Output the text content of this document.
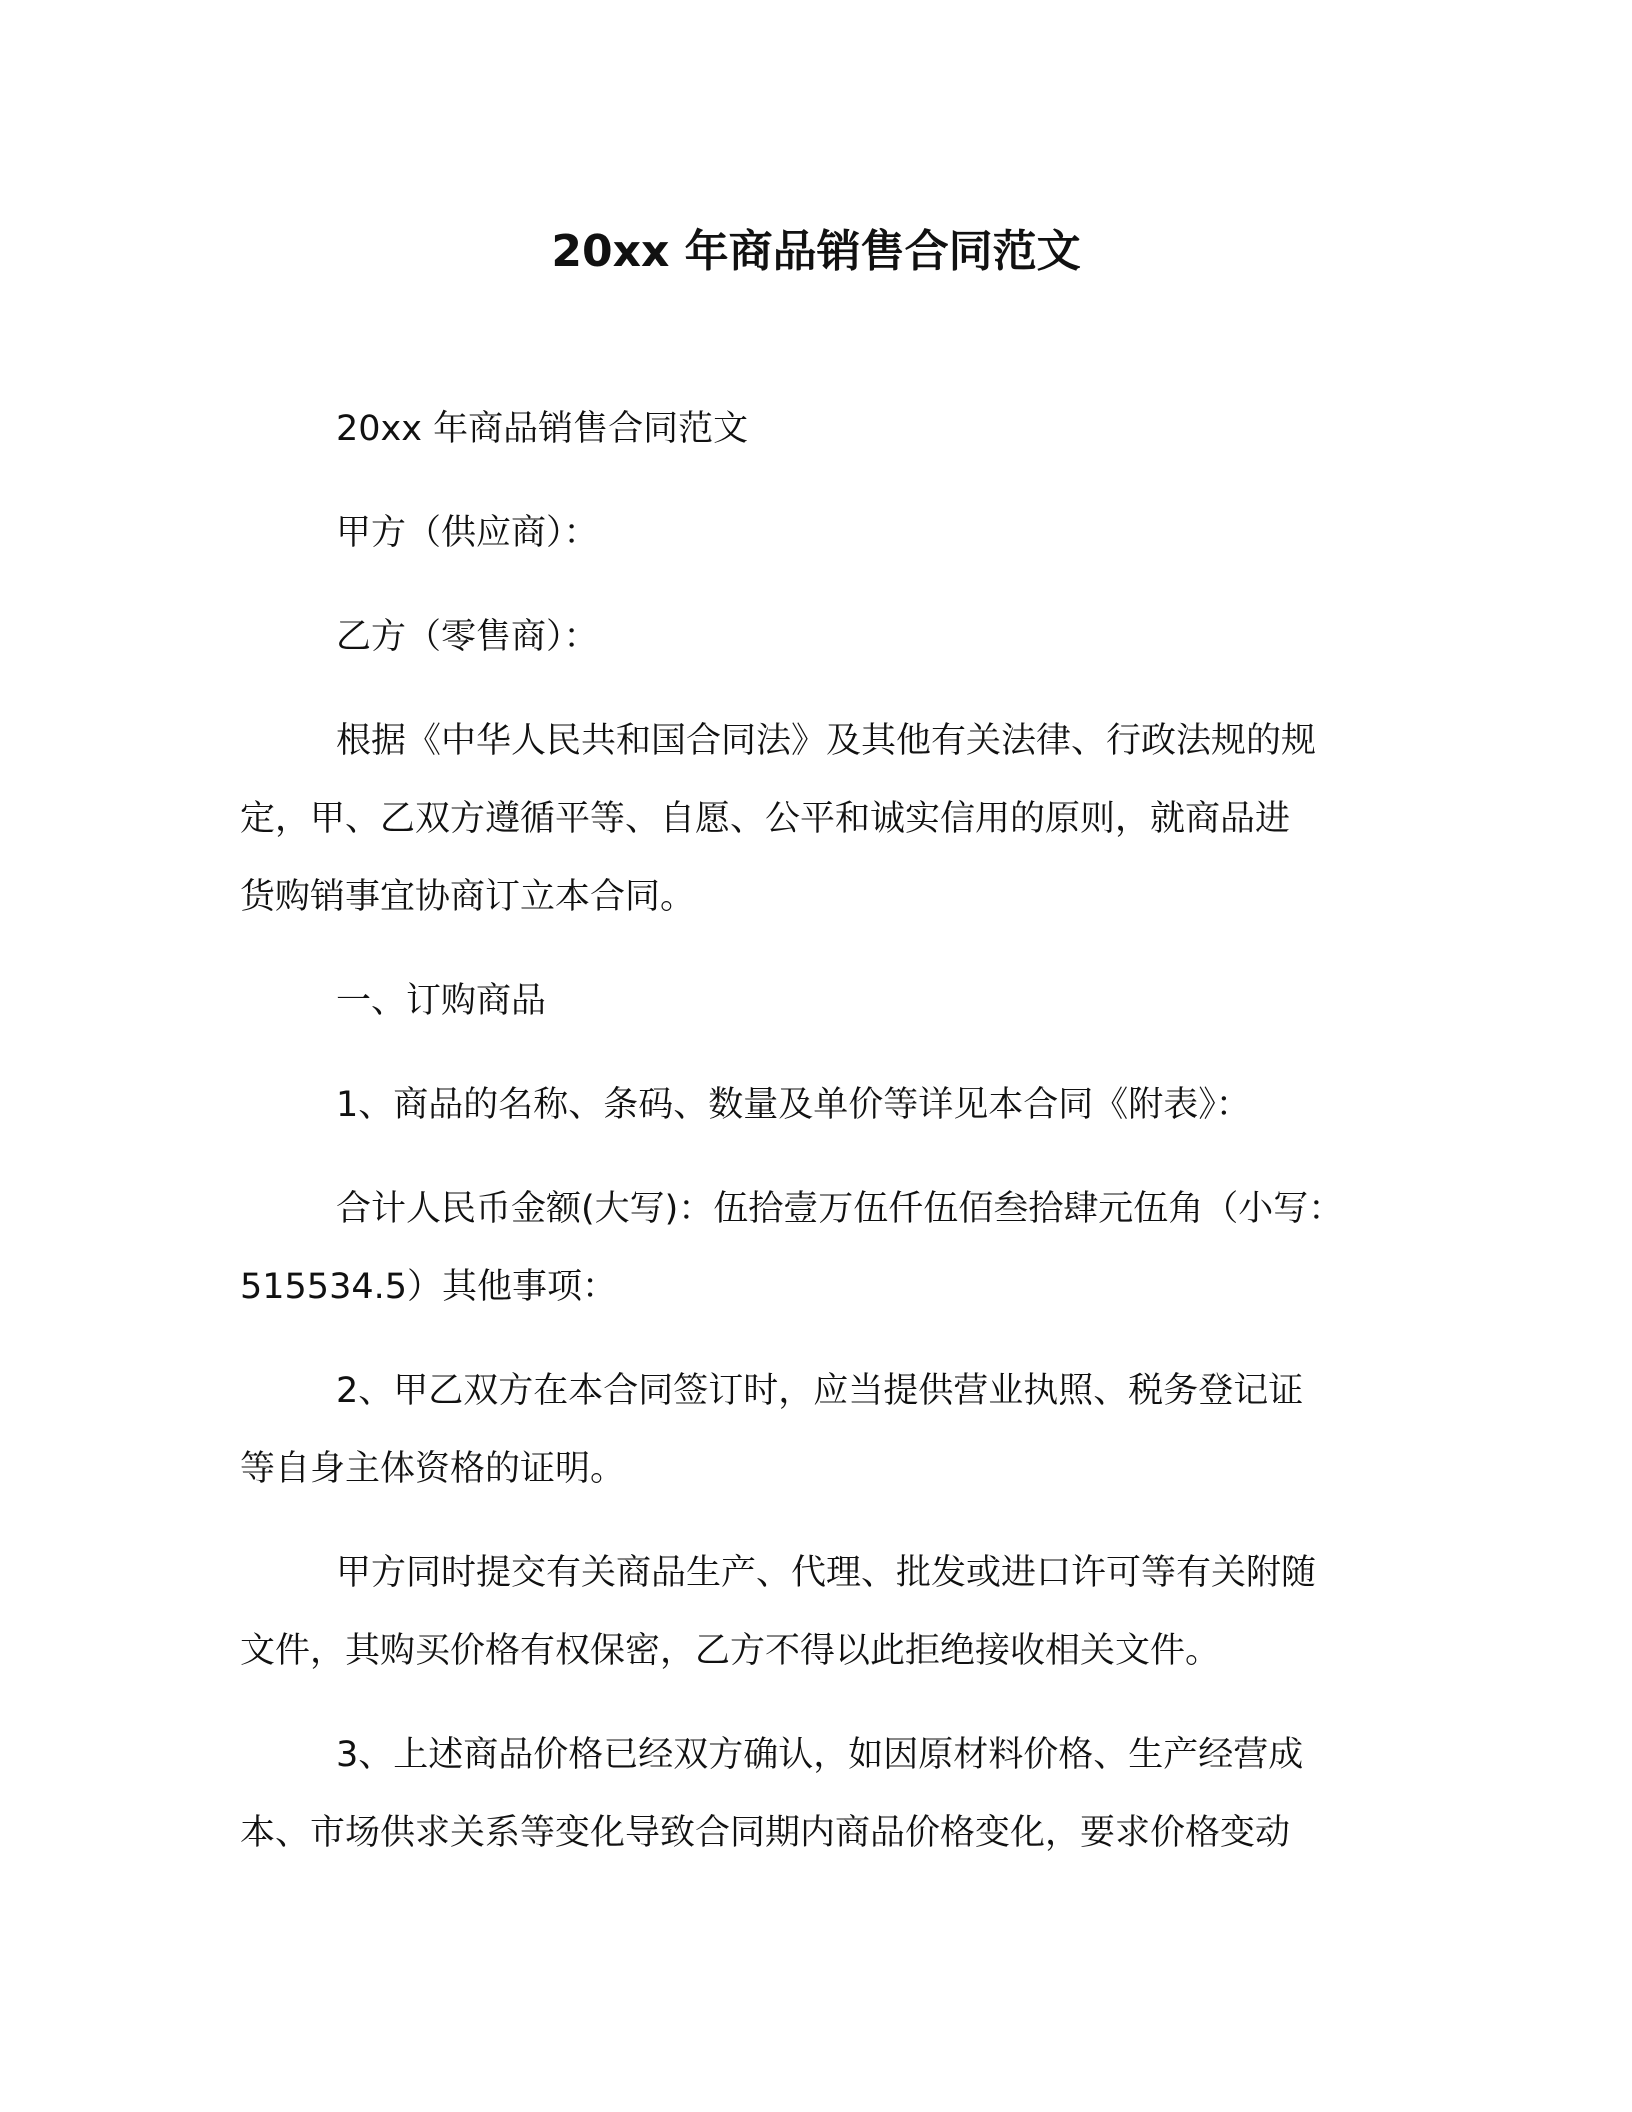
20xx 年商品销售合同范文

20xx 年商品销售合同范文

甲方（供应商）：

乙方（零售商）：

根据《中华人民共和国合同法》及其他有关法律、行政法规的规
定，甲、乙双方遵循平等、自愿、公平和诚实信用的原则，就商品进
货购销事宜协商订立本合同。

一、订购商品

1、商品的名称、条码、数量及单价等详见本合同《附表》：

合计人民币金额(大写)：伍拾壹万伍仟伍佰叁拾肆元伍角（小写：
515534.5）其他事项：

2、甲乙双方在本合同签订时，应当提供营业执照、税务登记证
等自身主体资格的证明。

甲方同时提交有关商品生产、代理、批发或进口许可等有关附随
文件，其购买价格有权保密，乙方不得以此拒绝接收相关文件。

3、上述商品价格已经双方确认，如因原材料价格、生产经营成
本、市场供求关系等变化导致合同期内商品价格变化，要求价格变动
